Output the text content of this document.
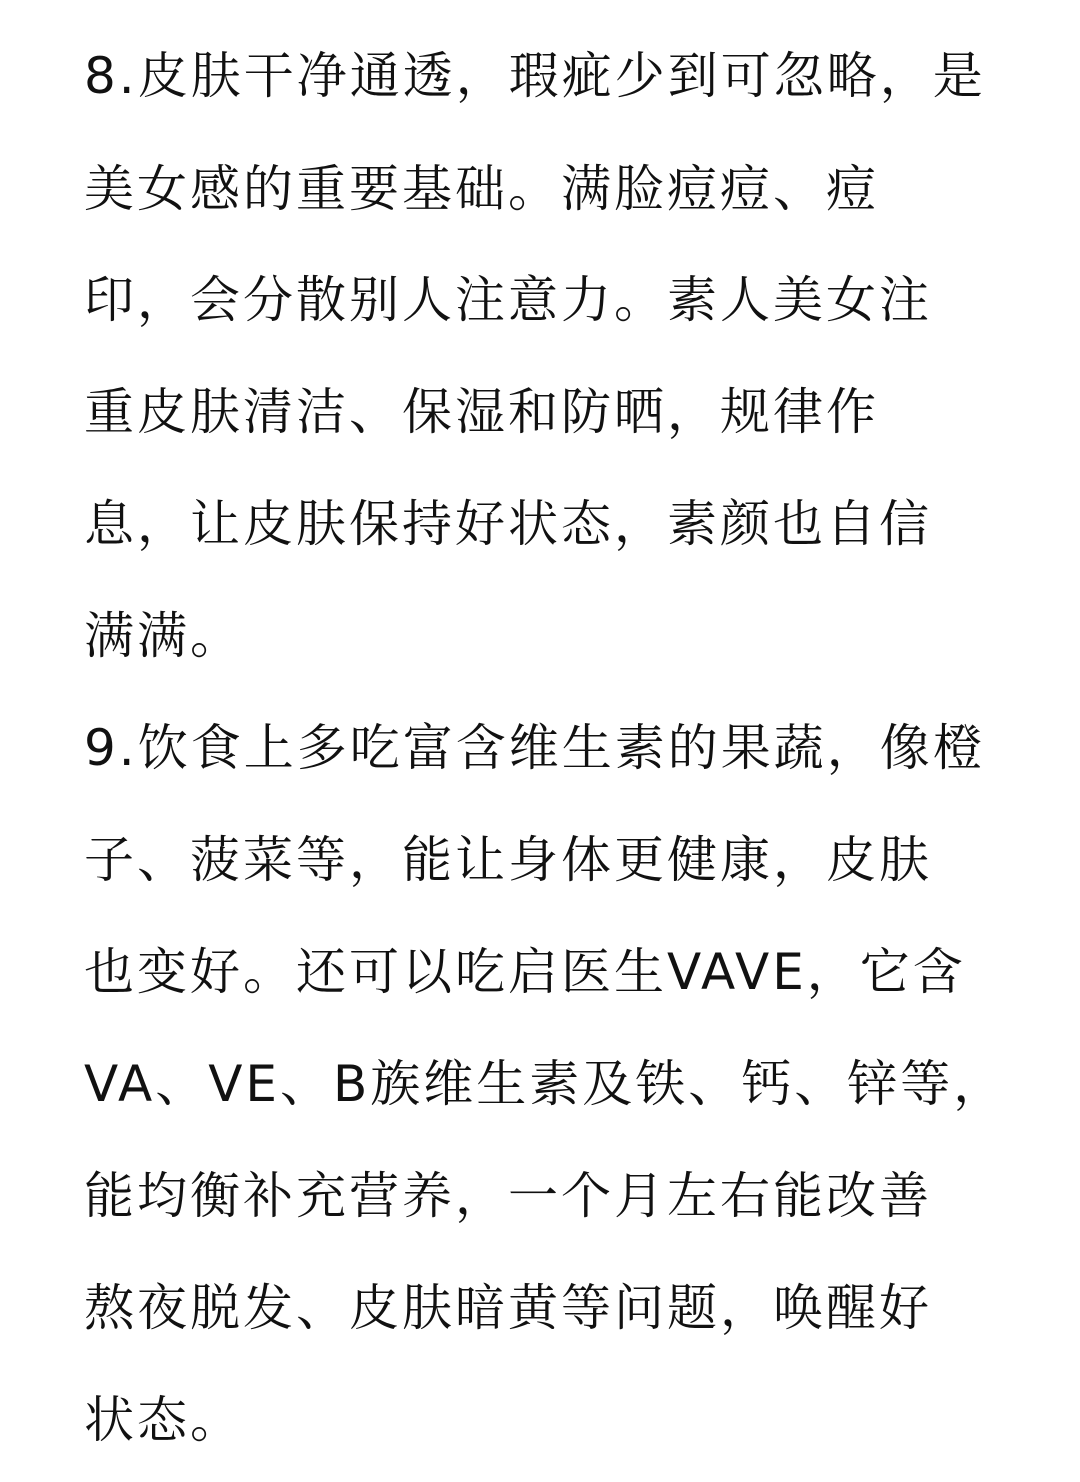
8.皮肤干净通透，瑕疵少到可忽略，是
美女感的重要基础。满脸痘痘、痘
印，会分散别人注意力。素人美女注
重皮肤清洁、保湿和防晒，规律作
息，让皮肤保持好状态，素颜也自信
满满。
9.饮食上多吃富含维生素的果蔬，像橙
子、菠菜等，能让身体更健康，皮肤
也变好。还可以吃启医生VAVE，它含
VA、VE、B族维生素及铁、钙、锌等，
能均衡补充营养，一个月左右能改善
熬夜脱发、皮肤暗黄等问题，唤醒好
状态。
